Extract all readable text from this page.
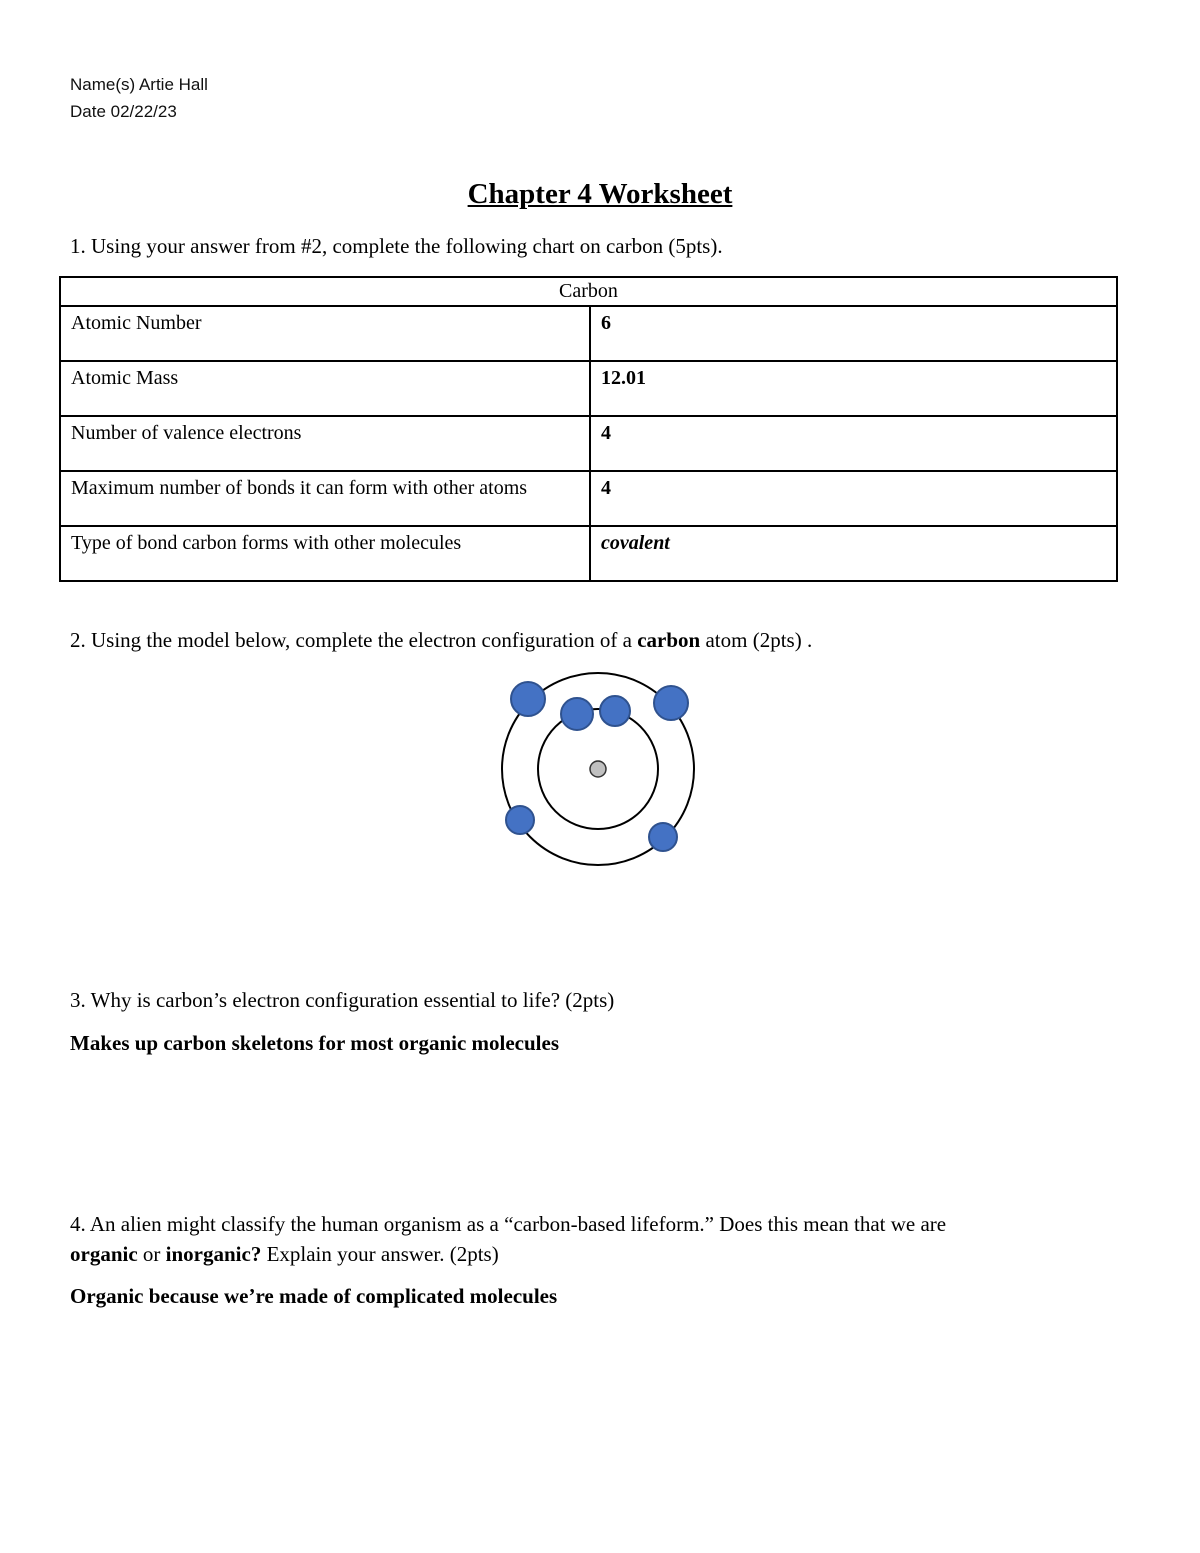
Name(s) Artie Hall
Date 02/22/23
Chapter 4 Worksheet
1. Using your answer from #2, complete the following chart on carbon (5pts).
Carbon	
Atomic Number	6
Atomic Mass	12.01
Number of valence electrons	4
Maximum number of bonds it can form with other atoms	4
Type of bond carbon forms with other molecules	covalent
2. Using the model below, complete the electron configuration of a carbon atom (2pts) .
3. Why is carbon’s electron configuration essential to life? (2pts)
Makes up carbon skeletons for most organic molecules
4. An alien might classify the human organism as a “carbon-based lifeform.” Does this mean that we are
organic or inorganic? Explain your answer. (2pts)
Organic because we’re made of complicated molecules
